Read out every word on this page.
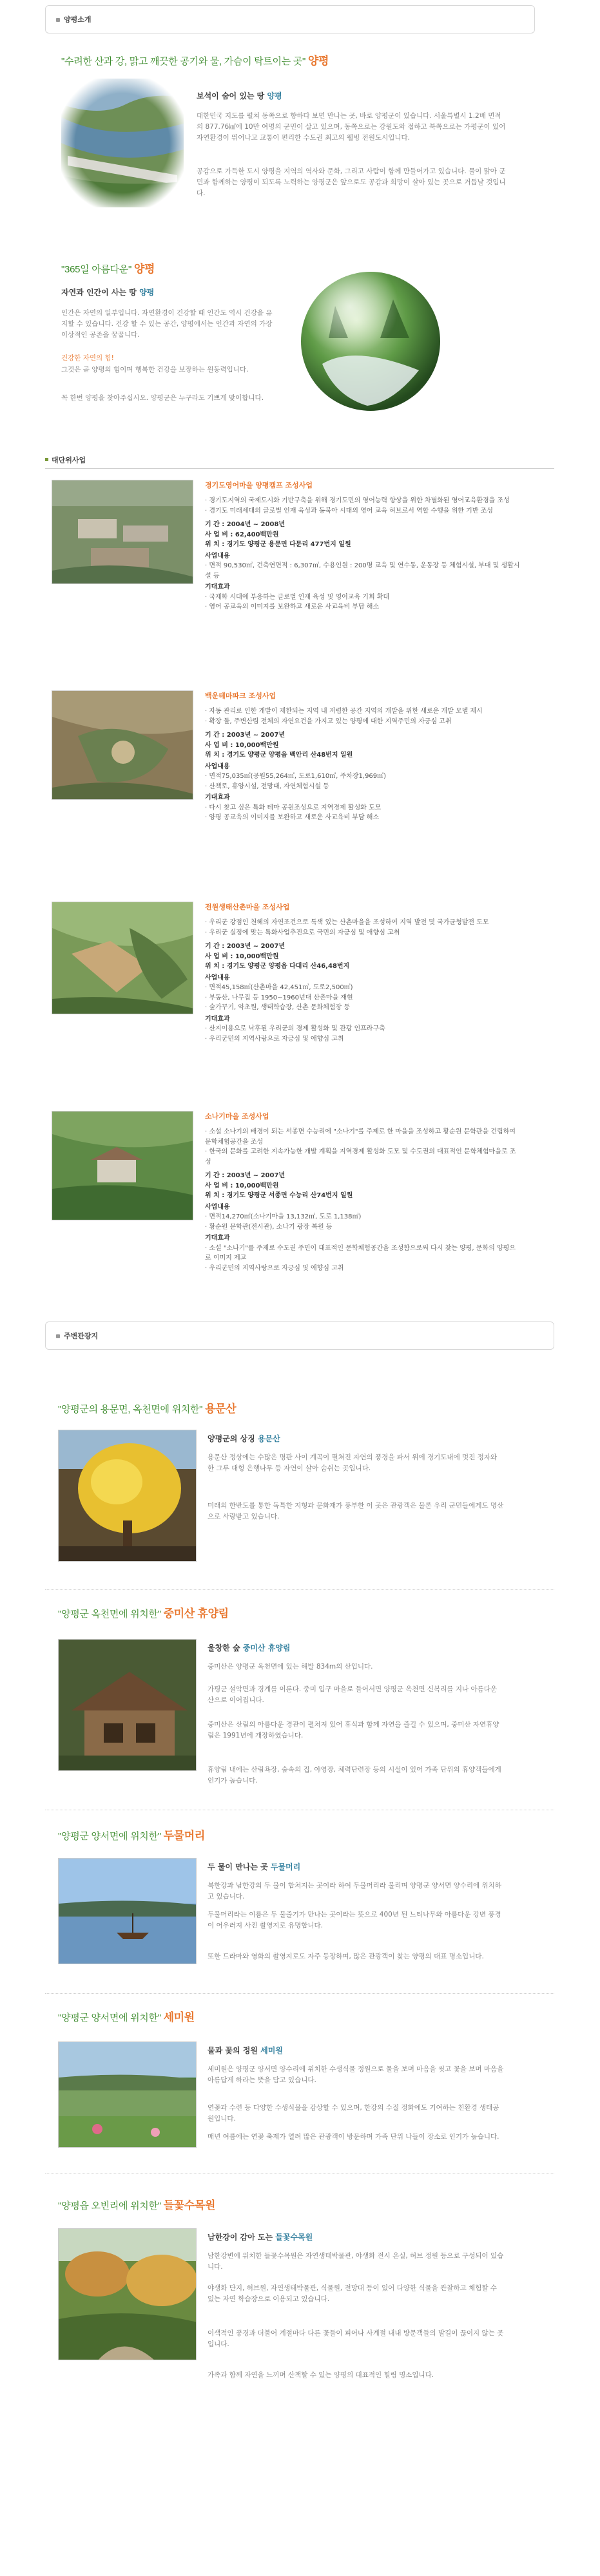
양평소개
"수려한 산과 강, 맑고 깨끗한 공기와 물, 가슴이 탁트이는 곳" 양평
보석이 숨어 있는 땅 양평
대한민국 지도를 펼쳐 동쪽으로 향하다 보면 만나는 곳, 바로 양평군이 있습니다. 서울특별시 1.2배 면적의 877.76㎢에 10만 여명의 군민이 살고 있으며, 동쪽으로는 강원도와 접하고 북쪽으로는 가평군이 있어 자연환경이 뛰어나고 교통이 편리한 수도권 최고의 웰빙 전원도시입니다.
공감으로 가득한 도시 양평을 지역의 역사와 문화, 그리고 사람이 함께 만들어가고 있습니다. 물이 맑아 군민과 함께하는 양평이 되도록 노력하는 양평군은 앞으로도 공감과 희망이 살아 있는 곳으로 거듭날 것입니다.
"365일 아름다운" 양평
자연과 인간이 사는 땅 양평
인간은 자연의 일부입니다. 자연환경이 건강할 때 인간도 역시 건강을 유지할 수 있습니다. 건강 할 수 있는 공간, 양평에서는 인간과 자연의 가장 이상적인 공존을 꿈꿉니다.
건강한 자연의 힘!
그것은 곧 양평의 힘이며 행복한 건강을 보장하는 원동력입니다.
꼭 한번 양평을 찾아주십시오. 양평군은 누구라도 기쁘게 맞이합니다.
대단위사업
경기도영어마을 양평캠프 조성사업
· 경기도지역의 국제도시화 기반구축을 위해 경기도민의 영어능력 향상을 위한 차별화된 영어교육환경을 조성
· 경기도 미래세대의 글로벌 인재 육성과 동북아 시대의 영어 교육 허브로서 역할 수행을 위한 기반 조성
기 간 : 2004년 ~ 2008년
사 업 비 : 62,400백만원
위 치 : 경기도 양평군 용문면 다문리 477번지 일원
사업내용
· 면적 90,530㎡, 건축연면적 : 6,307㎡, 수용인원 : 200명 교육 및 연수동, 운동장 등 체험시설, 부대 및 생활시설 등
기대효과
· 국제화 시대에 부응하는 글로벌 인재 육성 및 영어교육 기회 확대
· 영어 공교육의 이미지를 보완하고 새로운 사교육비 부담 해소
백운테마파크 조성사업
· 자동 관리로 인한 개발이 제한되는 지역 내 저렴한 공간 지역의 개발을 위한 새로운 개발 모델 제시
· 확장 둘, 주변산림 전체의 자연요건을 가지고 있는 양평에 대한 지역주민의 자긍심 고취
기 간 : 2003년 ~ 2007년
사 업 비 : 10,000백만원
위 치 : 경기도 양평군 양평읍 백안리 산48번지 일원
사업내용
· 면적75,035㎡(공원55,264㎡, 도로1,610㎡, 주차장1,969㎡)
· 산책로, 휴양시설, 전망대, 자연체험시설 등
기대효과
· 다시 찾고 싶은 특화 테마 공원조성으로 지역경제 활성화 도모
· 양평 공교육의 이미지를 보완하고 새로운 사교육비 부담 해소
전원생태산촌마을 조성사업
· 우리군 강점인 천혜의 자연조건으로 특색 있는 산촌마을을 조성하여 지역 발전 및 국가균형발전 도모
· 우리군 실정에 맞는 특화사업추진으로 국민의 자긍심 및 애향심 고취
기 간 : 2003년 ~ 2007년
사 업 비 : 10,000백만원
위 치 : 경기도 양평군 양평읍 다대리 산46,48번지
사업내용
· 면적45,158㎡(산촌마을 42,451㎡, 도로2,500㎡)
· 부동산, 나무집 등 1950~1960년대 산촌마을 재현
· 숲가꾸기, 약초원, 생태학습장, 산촌 문화체험장 등
기대효과
· 산지이용으로 낙후된 우리군의 경제 활성화 및 관광 인프라구축
· 우리군민의 지역사랑으로 자긍심 및 애향심 고취
소나기마을 조성사업
· 소설 소나기의 배경이 되는 서종면 수능리에 "소나기"를 주제로 한 마을을 조성하고 황순원 문학관을 건립하여 문학체험공간을 조성
· 한국의 문화를 고려한 지속가능한 개발 계획을 지역경제 활성화 도모 및 수도권의 대표적인 문학체험마을로 조성
기 간 : 2003년 ~ 2007년
사 업 비 : 10,000백만원
위 치 : 경기도 양평군 서종면 수능리 산74번지 일원
사업내용
· 면적14,270㎡(소나기마을 13,132㎡, 도로 1,138㎡)
· 황순원 문학관(전시관), 소나기 광장 복원 등
기대효과
· 소설 "소나기"를 주제로 수도권 주민이 대표적인 문학체험공간을 조성함으로써 다시 찾는 양평, 문화의 양평으로 이미지 제고
· 우리군민의 지역사랑으로 자긍심 및 애향심 고취
주변관광지
"양평군의 용문면, 옥천면에 위치한" 용문산
양평군의 상징 용문산
용문산 정상에는 수많은 명판 사이 계곡이 펼쳐진 자연의 풍경을 파서 위에 경기도내에 멋진 정자와 한 그루 대형 은행나무 등 자연이 살아 숨쉬는 곳입니다.
미래의 한반도를 통한 독특한 지형과 문화재가 풍부한 이 곳은 관광객은 물론 우리 군민들에게도 명산으로 사랑받고 있습니다.
"양평군 옥천면에 위치한" 중미산 휴양림
울창한 숲 중미산 휴양림
중미산은 양평군 옥천면에 있는 해발 834m의 산입니다.
가평군 설악면과 경계를 이룬다. 중미 입구 마을로 들어서면 양평군 옥천면 신복리를 지나 아름다운 산으로 이어집니다.
중미산은 산림의 아름다운 경관이 펼쳐져 있어 휴식과 함께 자연을 즐길 수 있으며, 중미산 자연휴양림은 1991년에 개장하였습니다.
휴양림 내에는 산림욕장, 숲속의 집, 야영장, 체력단련장 등의 시설이 있어 가족 단위의 휴양객들에게 인기가 높습니다.
"양평군 양서면에 위치한" 두물머리
두 물이 만나는 곳 두물머리
북한강과 남한강의 두 물이 합쳐지는 곳이라 하여 두물머리라 불리며 양평군 양서면 양수리에 위치하고 있습니다.
두물머리라는 이름은 두 물줄기가 만나는 곳이라는 뜻으로 400년 된 느티나무와 아름다운 강변 풍경이 어우러져 사진 촬영지로 유명합니다.
또한 드라마와 영화의 촬영지로도 자주 등장하며, 많은 관광객이 찾는 양평의 대표 명소입니다.
"양평군 양서면에 위치한" 세미원
물과 꽃의 정원 세미원
세미원은 양평군 양서면 양수리에 위치한 수생식물 정원으로 물을 보며 마음을 씻고 꽃을 보며 마음을 아름답게 하라는 뜻을 담고 있습니다.
연꽃과 수련 등 다양한 수생식물을 감상할 수 있으며, 한강의 수질 정화에도 기여하는 친환경 생태공원입니다.
매년 여름에는 연꽃 축제가 열려 많은 관광객이 방문하며 가족 단위 나들이 장소로 인기가 높습니다.
"양평읍 오빈리에 위치한" 들꽃수목원
남한강이 감아 도는 들꽃수목원
남한강변에 위치한 들꽃수목원은 자연생태박물관, 야생화 전시 온실, 허브 정원 등으로 구성되어 있습니다.
야생화 단지, 허브원, 자연생태박물관, 식물원, 전망대 등이 있어 다양한 식물을 관찰하고 체험할 수 있는 자연 학습장으로 이용되고 있습니다.
이색적인 풍경과 더불어 계절마다 다른 꽃들이 피어나 사계절 내내 방문객들의 발길이 끊이지 않는 곳입니다.
가족과 함께 자연을 느끼며 산책할 수 있는 양평의 대표적인 힐링 명소입니다.
